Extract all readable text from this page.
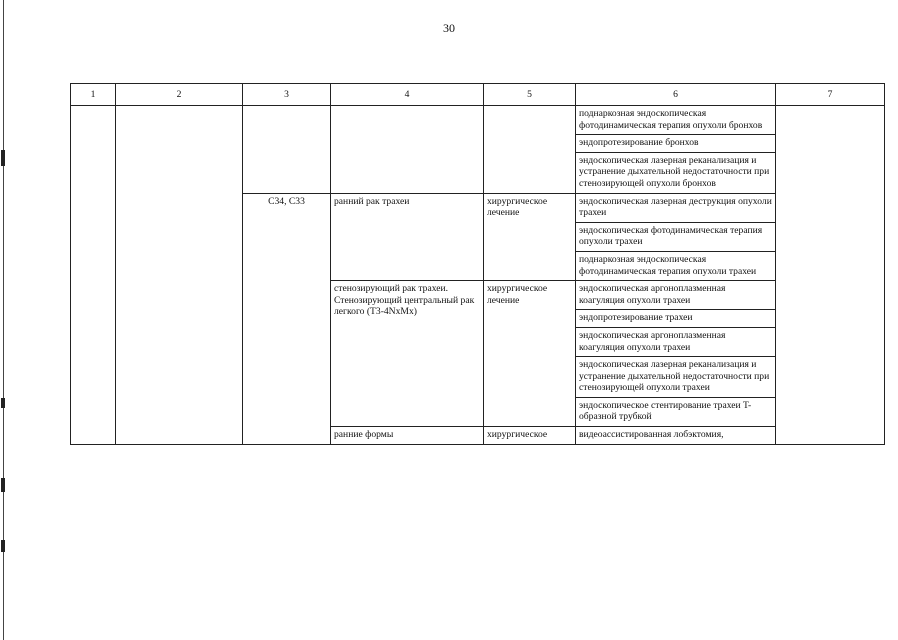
30
1	2	3	4	5	6	7
					поднаркозная эндоскопическая фотодинамическая терапия опухоли бронхов	
					эндопротезирование бронхов	
					эндоскопическая лазерная реканализация и устранение дыхательной недостаточности при стенозирующей опухоли бронхов	
		C34, C33	ранний рак трахеи	хирургическое лечение	эндоскопическая лазерная деструкция опухоли трахеи	
					эндоскопическая фотодинамическая терапия опухоли трахеи	
					поднаркозная эндоскопическая фотодинамическая терапия опухоли трахеи	
			стенозирующий рак трахеи. Стенозирующий центральный рак легкого (T3-4NxMx)	хирургическое лечение	эндоскопическая аргоноплазменная коагуляция опухоли трахеи	
					эндопротезирование трахеи	
					эндоскопическая аргоноплазменная коагуляция опухоли трахеи	
					эндоскопическая лазерная реканализация и устранение дыхательной недостаточности при стенозирующей опухоли трахеи	
					эндоскопическое стентирование трахеи T-образной трубкой	
			ранние формы	хирургическое	видеоассистированная лобэктомия,	
